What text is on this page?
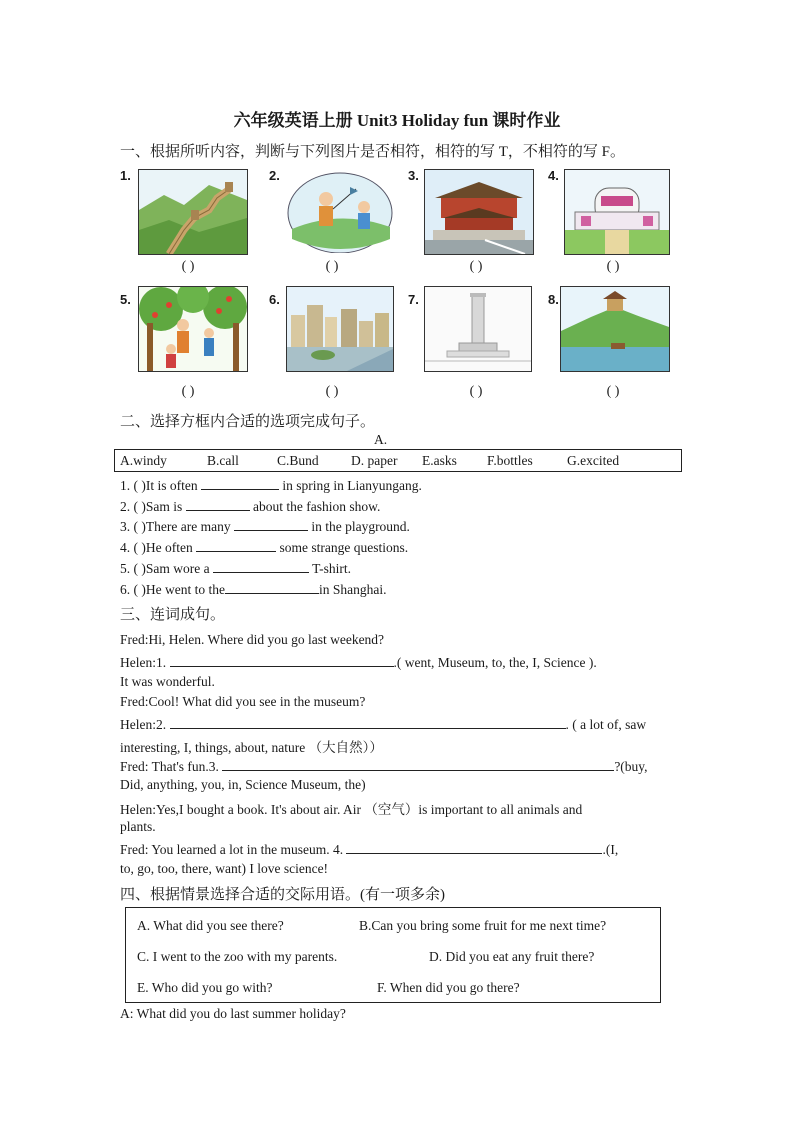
六年级英语上册 Unit3 Holiday fun 课时作业
一、根据所听内容，判断与下列图片是否相符，相符的写 T，不相符的写 F。
1.	2.	3.	4.
( )	( )	( )	( )
5.	6.	7.	8.
( )	( )	( )	( )
二、选择方框内合适的选项完成句子。
A.
A.windy	B.call	C.Bund D. paper E.asks F.bottles	G.excited
1. ( )It is often	in spring in Lianyungang.
2. ( )Sam is	about the fashion show.
3. ( )There are many	in the playground.
4. ( )He often	some strange questions.
5. ( )Sam wore a	T-shirt.
6. ( )He went to the	in Shanghai.
三、连词成句。
Fred:Hi, Helen. Where did you go last weekend?
Helen:1.	.( went, Museum, to, the, I, Science ).
It was wonderful.
Fred:Cool! What did you see in the museum?
Helen:2.	. ( a lot of, saw
interesting, I, things, about, nature （大自然））
Fred: That's fun.3.	?(buy,
Did, anything, you, in, Science Museum, the)
Helen:Yes,I bought a book. It's about air. Air （空气）is important to all animals and
plants.
Fred: You learned a lot in the museum. 4.	.(I,
to, go, too, there, want) I love science!
四、根据情景选择合适的交际用语。(有一项多余)
A. What did you see there?	B.Can you bring some fruit for me next time?
C. I went to the zoo with my parents.	D. Did you eat any fruit there?
E. Who did you go with?	F. When did you go there?
A: What did you do last summer holiday?
